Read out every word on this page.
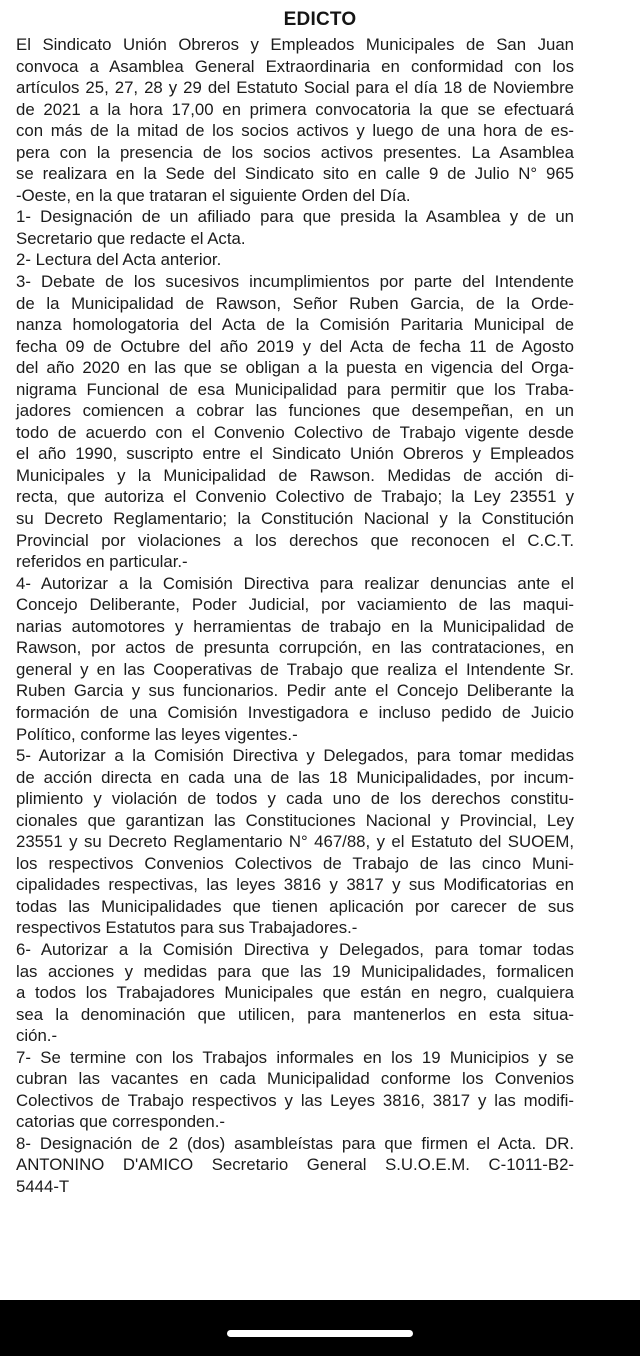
EDICTO
El Sindicato Unión Obreros y Empleados Municipales de San Juan
convoca a Asamblea General Extraordinaria en conformidad con los
artículos 25, 27, 28 y 29 del Estatuto Social para el día 18 de Noviembre
de 2021 a la hora 17,00 en primera convocatoria la que se efectuará
con más de la mitad de los socios activos y luego de una hora de es-
pera con la presencia de los socios activos presentes. La Asamblea
se realizara en la Sede del Sindicato sito en calle 9 de Julio N° 965
-Oeste, en la que trataran el siguiente Orden del Día.
1- Designación de un afiliado para que presida la Asamblea y de un
Secretario que redacte el Acta.
2- Lectura del Acta anterior.
3- Debate de los sucesivos incumplimientos por parte del Intendente
de la Municipalidad de Rawson, Señor Ruben Garcia, de la Orde-
nanza homologatoria del Acta de la Comisión Paritaria Municipal de
fecha 09 de Octubre del año 2019 y del Acta de fecha 11 de Agosto
del año 2020 en las que se obligan a la puesta en vigencia del Orga-
nigrama Funcional de esa Municipalidad para permitir que los Traba-
jadores comiencen a cobrar las funciones que desempeñan, en un
todo de acuerdo con el Convenio Colectivo de Trabajo vigente desde
el año 1990, suscripto entre el Sindicato Unión Obreros y Empleados
Municipales y la Municipalidad de Rawson. Medidas de acción di-
recta, que autoriza el Convenio Colectivo de Trabajo; la Ley 23551 y
su Decreto Reglamentario; la Constitución Nacional y la Constitución
Provincial por violaciones a los derechos que reconocen el C.C.T.
referidos en particular.-
4- Autorizar a la Comisión Directiva para realizar denuncias ante el
Concejo Deliberante, Poder Judicial, por vaciamiento de las maqui-
narias automotores y herramientas de trabajo en la Municipalidad de
Rawson, por actos de presunta corrupción, en las contrataciones, en
general y en las Cooperativas de Trabajo que realiza el Intendente Sr.
Ruben Garcia y sus funcionarios. Pedir ante el Concejo Deliberante la
formación de una Comisión Investigadora e incluso pedido de Juicio
Político, conforme las leyes vigentes.-
5- Autorizar a la Comisión Directiva y Delegados, para tomar medidas
de acción directa en cada una de las 18 Municipalidades, por incum-
plimiento y violación de todos y cada uno de los derechos constitu-
cionales que garantizan las Constituciones Nacional y Provincial, Ley
23551 y su Decreto Reglamentario N° 467/88, y el Estatuto del SUOEM,
los respectivos Convenios Colectivos de Trabajo de las cinco Muni-
cipalidades respectivas, las leyes 3816 y 3817 y sus Modificatorias en
todas las Municipalidades que tienen aplicación por carecer de sus
respectivos Estatutos para sus Trabajadores.-
6- Autorizar a la Comisión Directiva y Delegados, para tomar todas
las acciones y medidas para que las 19 Municipalidades, formalicen
a todos los Trabajadores Municipales que están en negro, cualquiera
sea la denominación que utilicen, para mantenerlos en esta situa-
ción.-
7- Se termine con los Trabajos informales en los 19 Municipios y se
cubran las vacantes en cada Municipalidad conforme los Convenios
Colectivos de Trabajo respectivos y las Leyes 3816, 3817 y las modifi-
catorias que corresponden.-
8- Designación de 2 (dos) asambleístas para que firmen el Acta. DR.
ANTONINO D'AMICO Secretario General S.U.O.E.M. C-1011-B2-
5444-T
